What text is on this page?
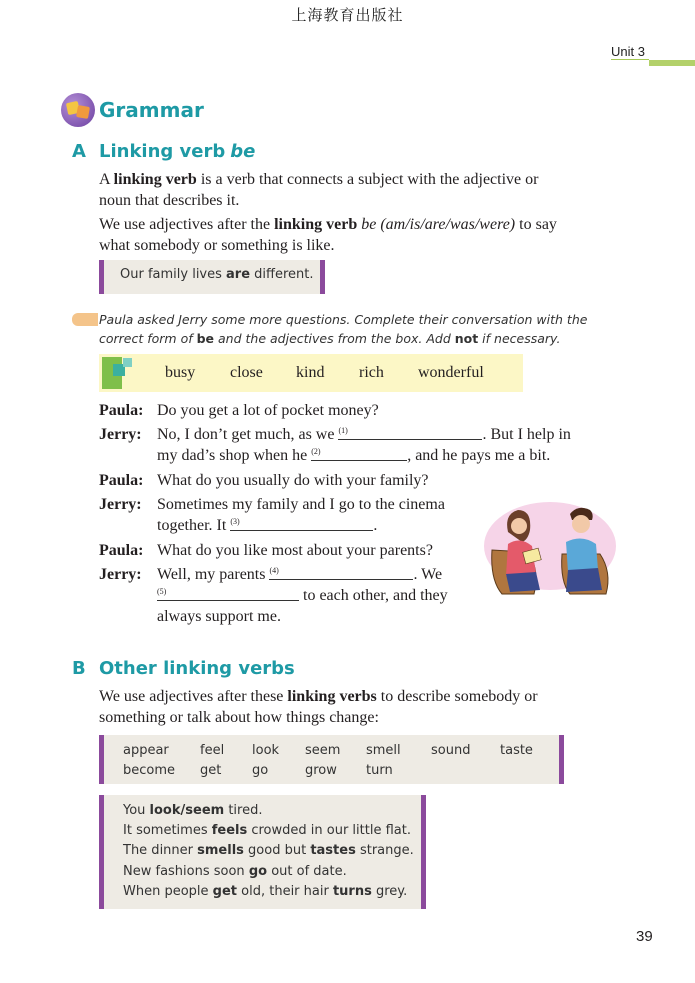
上海教育出版社
Unit 3
Grammar
A Linking verb be
A linking verb is a verb that connects a subject with the adjective or
noun that describes it.
We use adjectives after the linking verb be (am/is/are/was/were) to say
what somebody or something is like.
Our family lives are different.
Paula asked Jerry some more questions. Complete their conversation with the
correct form of be and the adjectives from the box. Add not if necessary.
busy close kind rich wonderful
Paula: Do you get a lot of pocket money?
Jerry: No, I don’t get much, as we (1)	. But I help in
my dad’s shop when he (2)	, and he pays me a bit.
Paula: What do you usually do with your family?
Jerry: Sometimes my family and I go to the cinema
together. It (3)	.
Paula: What do you like most about your parents?
Jerry: Well, my parents (4)	. We
(5)	to each other, and they
always support me.
B Other linking verbs
We use adjectives after these linking verbs to describe somebody or
something or talk about how things change:
appear feel look seem smell sound taste
become get go	grow turn
You look/seem tired.
It sometimes feels crowded in our little flat.
The dinner smells good but tastes strange.
New fashions soon go out of date.
When people get old, their hair turns grey.
39
